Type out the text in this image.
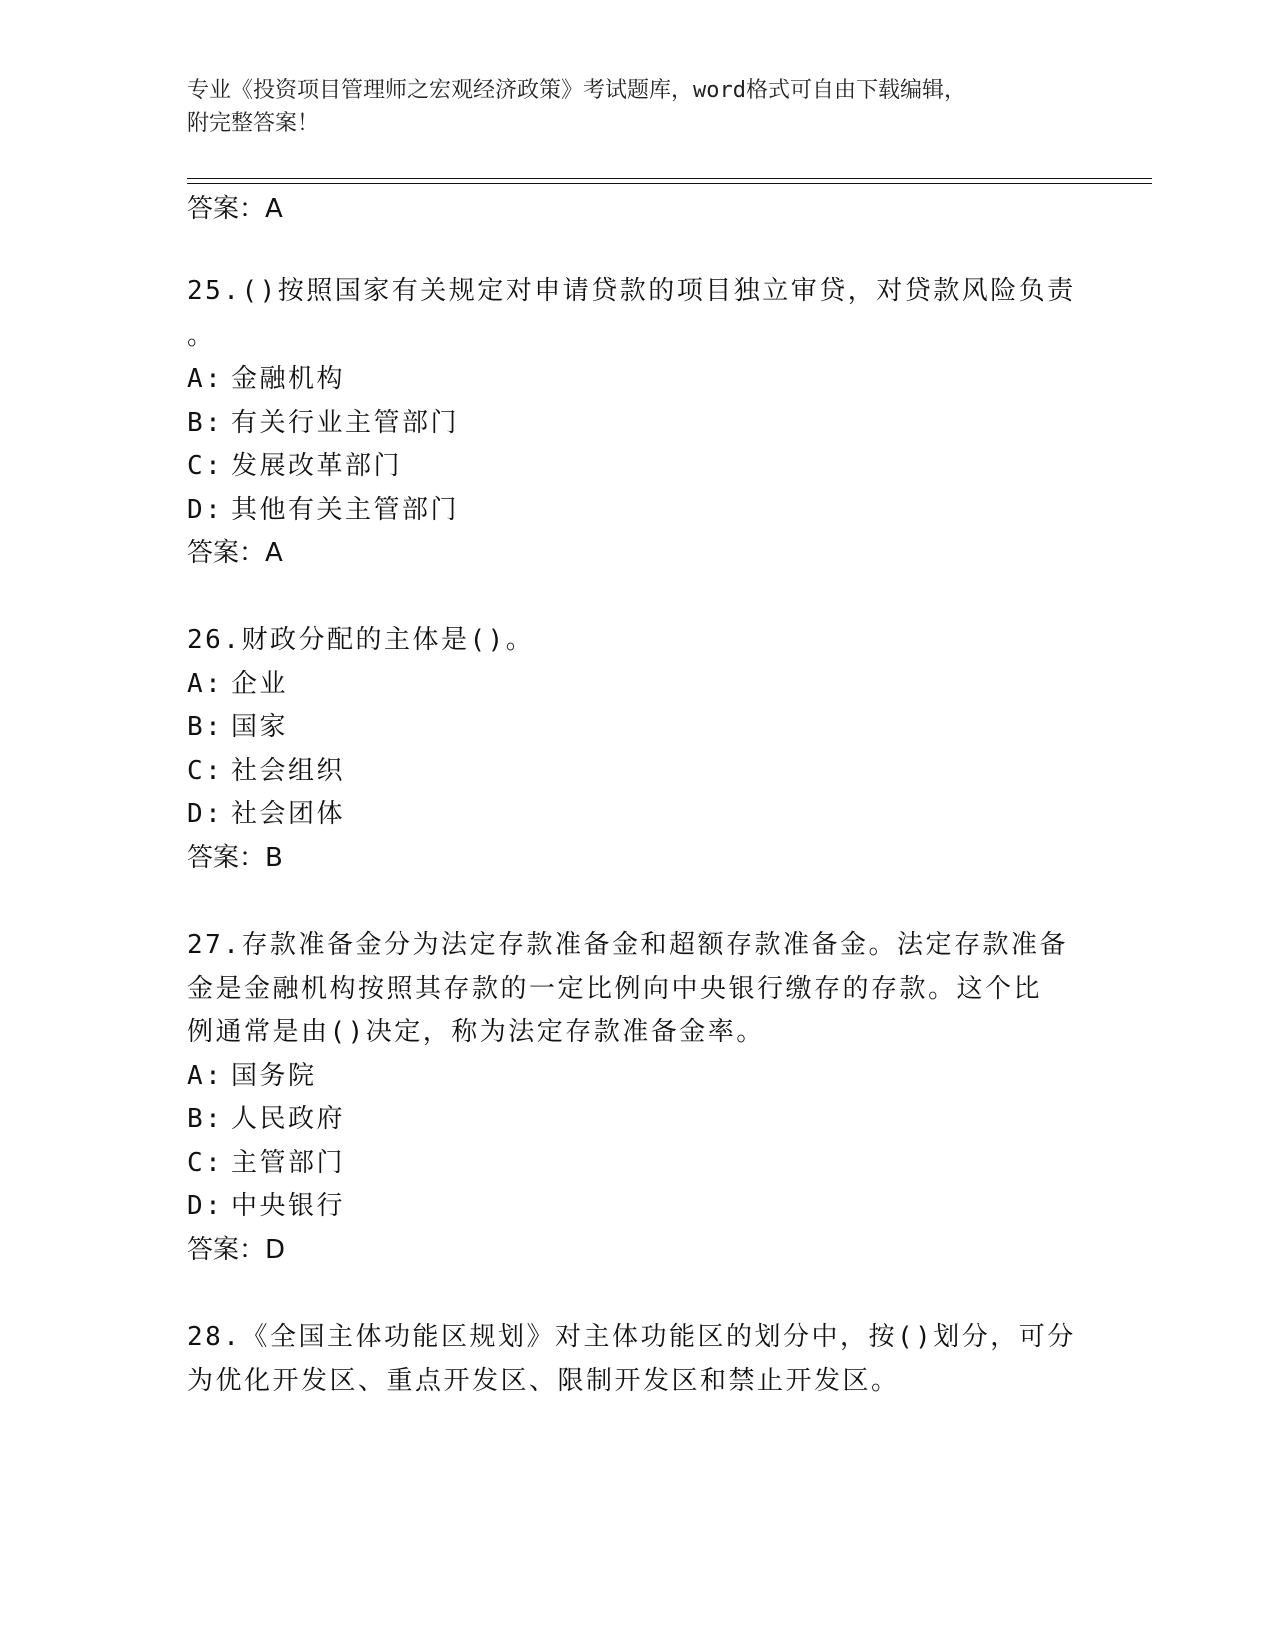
专业《投资项目管理师之宏观经济政策》考试题库，word格式可自由下载编辑，
附完整答案！
答案：A
25.()按照国家有关规定对申请贷款的项目独立审贷，对贷款风险负责
。
A: 金融机构
B: 有关行业主管部门
C: 发展改革部门
D: 其他有关主管部门
答案：A
26.财政分配的主体是()。
A: 企业
B: 国家
C: 社会组织
D: 社会团体
答案：B
27.存款准备金分为法定存款准备金和超额存款准备金。法定存款准备
金是金融机构按照其存款的一定比例向中央银行缴存的存款。这个比
例通常是由()决定，称为法定存款准备金率。
A: 国务院
B: 人民政府
C: 主管部门
D: 中央银行
答案：D
28.《全国主体功能区规划》对主体功能区的划分中，按()划分，可分
为优化开发区、重点开发区、限制开发区和禁止开发区。
